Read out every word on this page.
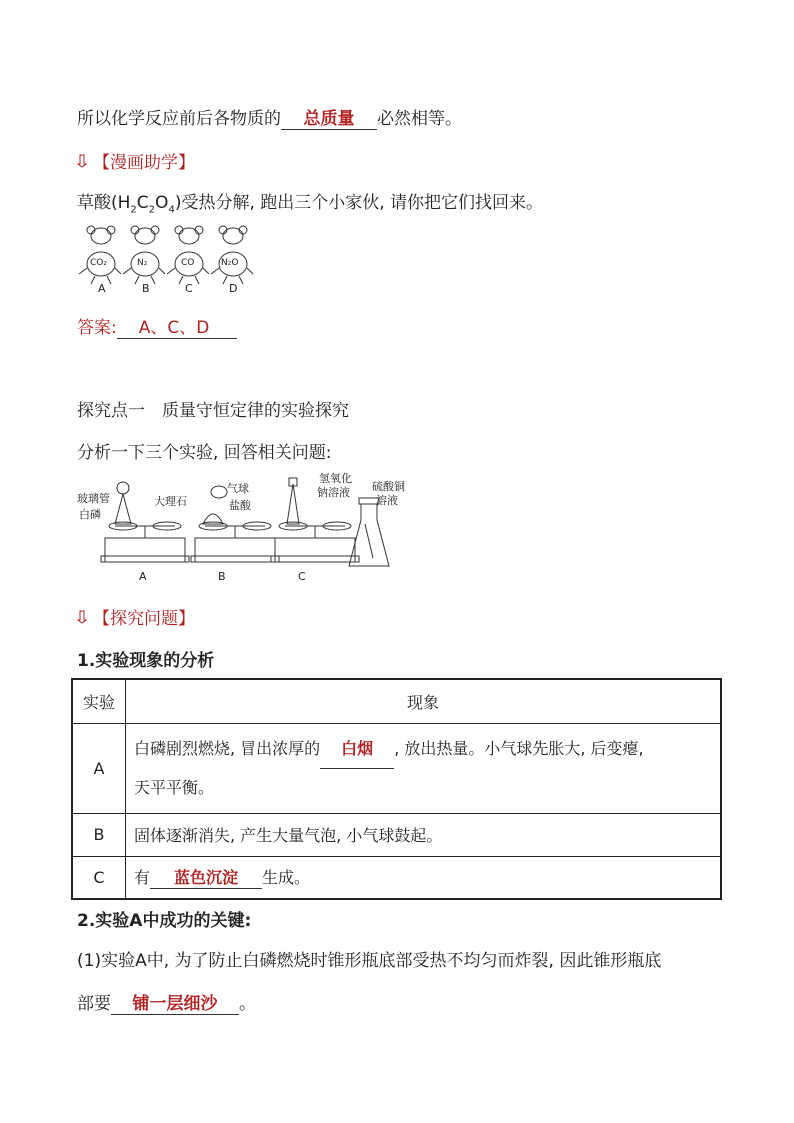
所以化学反应前后各物质的 总质量 必然相等。
【漫画助学】
草酸$(H_2C_2O_4)$受热分解, 跑出三个小家伙, 请你把它们找回来。
CO₂	N₂	CO	N₂O
A	B	C	D
答案: A、C、D
探究点一　质量守恒定律的实验探究
分析一下三个实验, 回答相关问题:
玻璃管
白磷
大理石
气球
盐酸
氢氧化
钠溶液 硫酸铜
溶液
A	B	C
【探究问题】
1.实验现象的分析
实验	现象
A	白磷剧烈燃烧, 冒出浓厚的 白烟 , 放出热量。小气球先胀大, 后变瘪,
天平平衡。
B	固体逐渐消失, 产生大量气泡, 小气球鼓起。
C	有 蓝色沉淀 生成。
2.实验A中成功的关键:
(1)实验A中, 为了防止白磷燃烧时锥形瓶底部受热不均匀而炸裂, 因此锥形瓶底
部要 铺一层细沙 。
